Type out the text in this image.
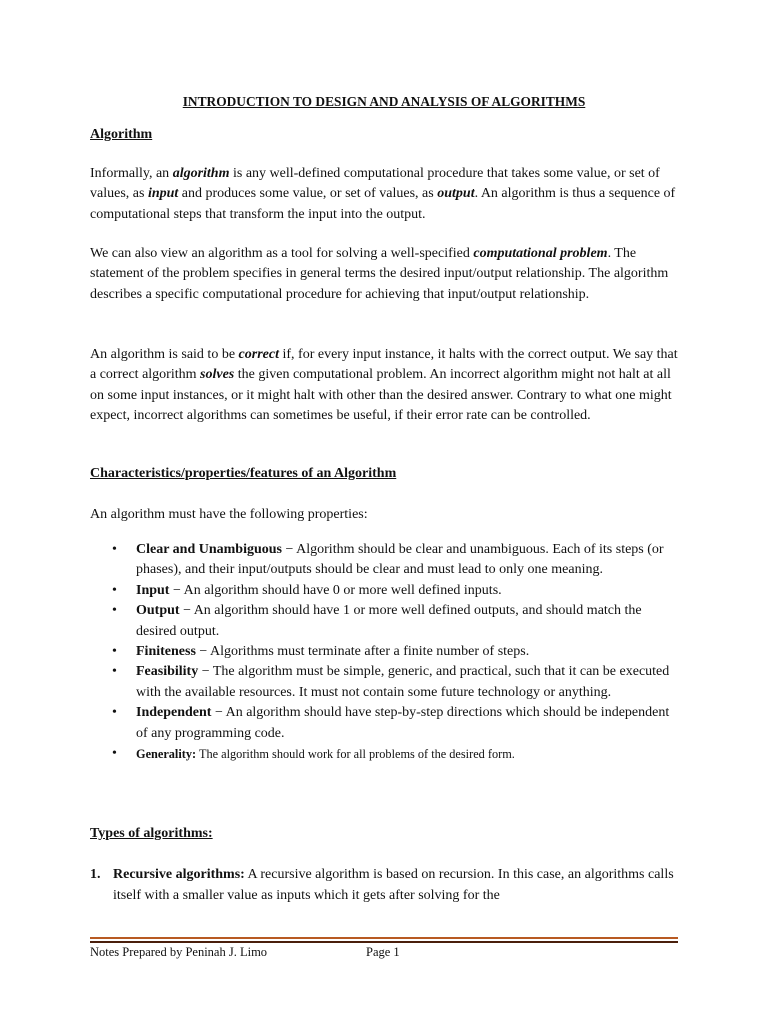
INTRODUCTION TO DESIGN AND ANALYSIS OF ALGORITHMS
Algorithm

Informally, an algorithm is any well-defined computational procedure that takes some value, or set of values, as input and produces some value, or set of values, as output. An algorithm is thus a sequence of computational steps that transform the input into the output.

We can also view an algorithm as a tool for solving a well-specified computational problem. The statement of the problem specifies in general terms the desired input/output relationship. The algorithm describes a specific computational procedure for achieving that input/output relationship.

An algorithm is said to be correct if, for every input instance, it halts with the correct output. We say that a correct algorithm solves the given computational problem. An incorrect algorithm might not halt at all on some input instances, or it might halt with other than the desired answer. Contrary to what one might expect, incorrect algorithms can sometimes be useful, if their error rate can be controlled.

Characteristics/properties/features of an Algorithm

An algorithm must have the following properties:

• Clear and Unambiguous − Algorithm should be clear and unambiguous. Each of its steps (or phases), and their input/outputs should be clear and must lead to only one meaning.
• Input − An algorithm should have 0 or more well defined inputs.
• Output − An algorithm should have 1 or more well defined outputs, and should match the desired output.
• Finiteness − Algorithms must terminate after a finite number of steps.
• Feasibility − The algorithm must be simple, generic, and practical, such that it can be executed with the available resources. It must not contain some future technology or anything.
• Independent − An algorithm should have step-by-step directions which should be independent of any programming code.
• Generality: The algorithm should work for all problems of the desired form.
Types of algorithms:
1. Recursive algorithms: A recursive algorithm is based on recursion. In this case, an algorithms calls itself with a smaller value as inputs which it gets after solving for the
Notes Prepared by Peninah J. Limo	Page 1
